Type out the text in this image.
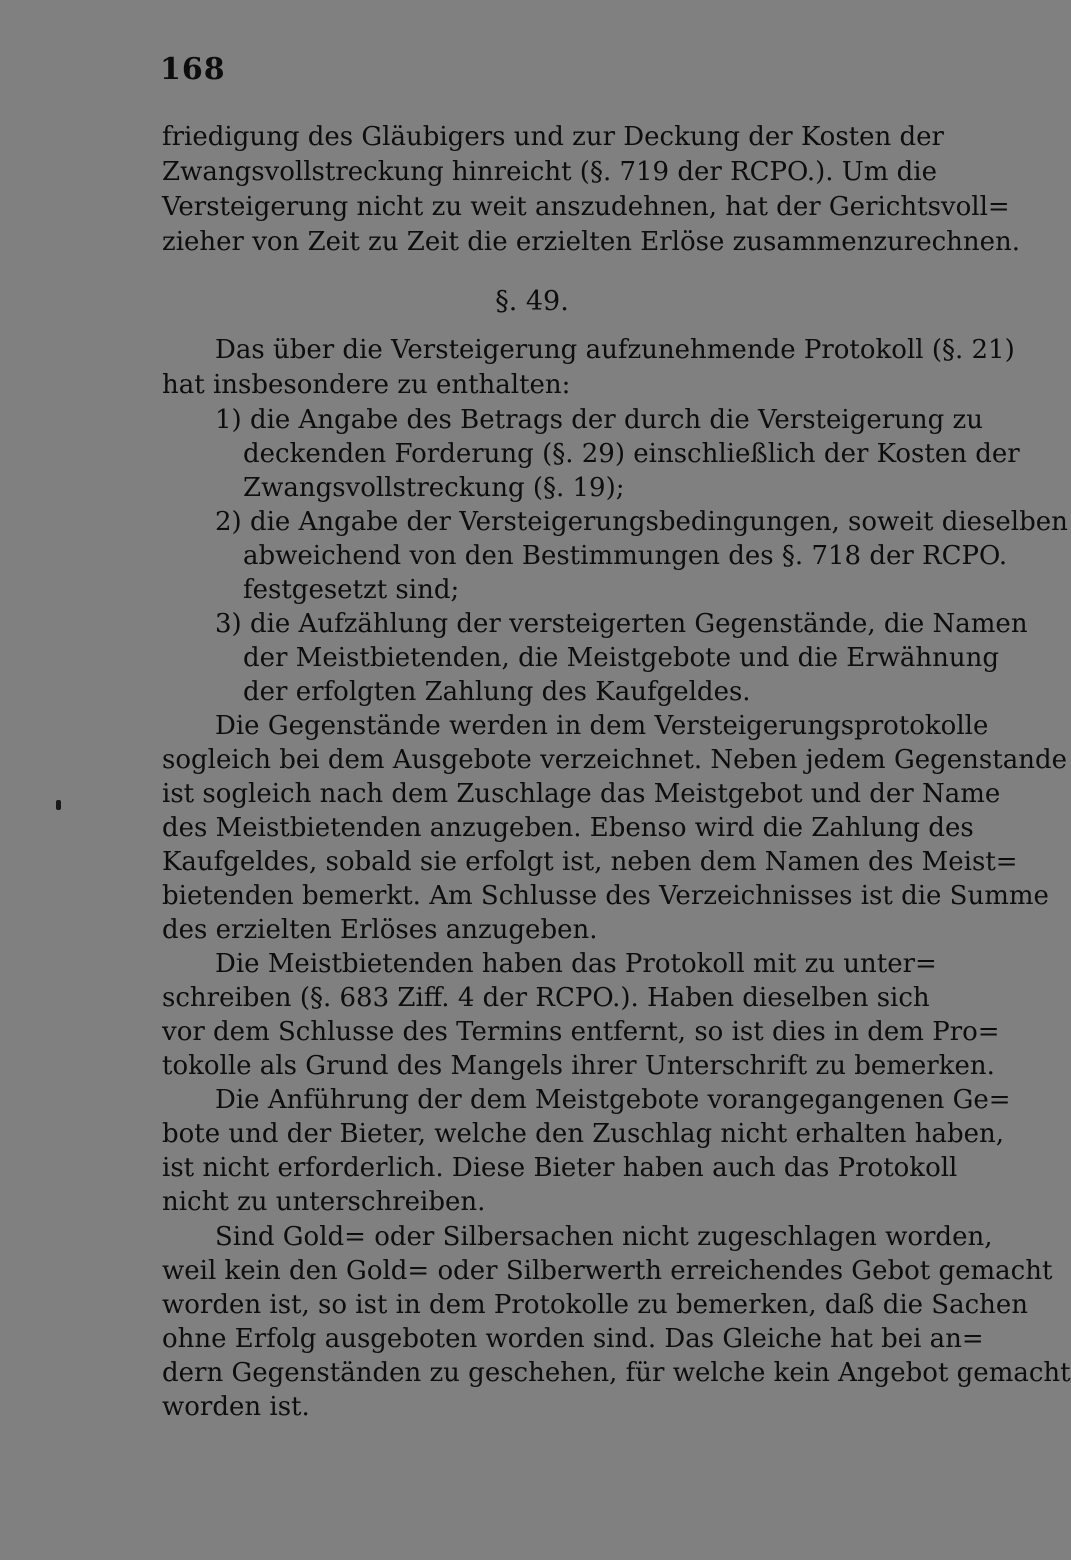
168
friedigung des Gläubigers und zur Deckung der Kosten der
Zwangsvollstreckung hinreicht (§. 719 der RCPO.). Um die
Versteigerung nicht zu weit anszudehnen, hat der Gerichtsvoll=
zieher von Zeit zu Zeit die erzielten Erlöse zusammenzurechnen.
§. 49.
Das über die Versteigerung aufzunehmende Protokoll (§. 21)
hat insbesondere zu enthalten:
1) die Angabe des Betrags der durch die Versteigerung zu
deckenden Forderung (§. 29) einschließlich der Kosten der
Zwangsvollstreckung (§. 19);
2) die Angabe der Versteigerungsbedingungen, soweit dieselben
abweichend von den Bestimmungen des §. 718 der RCPO.
festgesetzt sind;
3) die Aufzählung der versteigerten Gegenstände, die Namen
der Meistbietenden, die Meistgebote und die Erwähnung
der erfolgten Zahlung des Kaufgeldes.
Die Gegenstände werden in dem Versteigerungsprotokolle
sogleich bei dem Ausgebote verzeichnet. Neben jedem Gegenstande
ist sogleich nach dem Zuschlage das Meistgebot und der Name
des Meistbietenden anzugeben. Ebenso wird die Zahlung des
Kaufgeldes, sobald sie erfolgt ist, neben dem Namen des Meist=
bietenden bemerkt. Am Schlusse des Verzeichnisses ist die Summe
des erzielten Erlöses anzugeben.
Die Meistbietenden haben das Protokoll mit zu unter=
schreiben (§. 683 Ziff. 4 der RCPO.). Haben dieselben sich
vor dem Schlusse des Termins entfernt, so ist dies in dem Pro=
tokolle als Grund des Mangels ihrer Unterschrift zu bemerken.
Die Anführung der dem Meistgebote vorangegangenen Ge=
bote und der Bieter, welche den Zuschlag nicht erhalten haben,
ist nicht erforderlich. Diese Bieter haben auch das Protokoll
nicht zu unterschreiben.
Sind Gold= oder Silbersachen nicht zugeschlagen worden,
weil kein den Gold= oder Silberwerth erreichendes Gebot gemacht
worden ist, so ist in dem Protokolle zu bemerken, daß die Sachen
ohne Erfolg ausgeboten worden sind. Das Gleiche hat bei an=
dern Gegenständen zu geschehen, für welche kein Angebot gemacht
worden ist.
